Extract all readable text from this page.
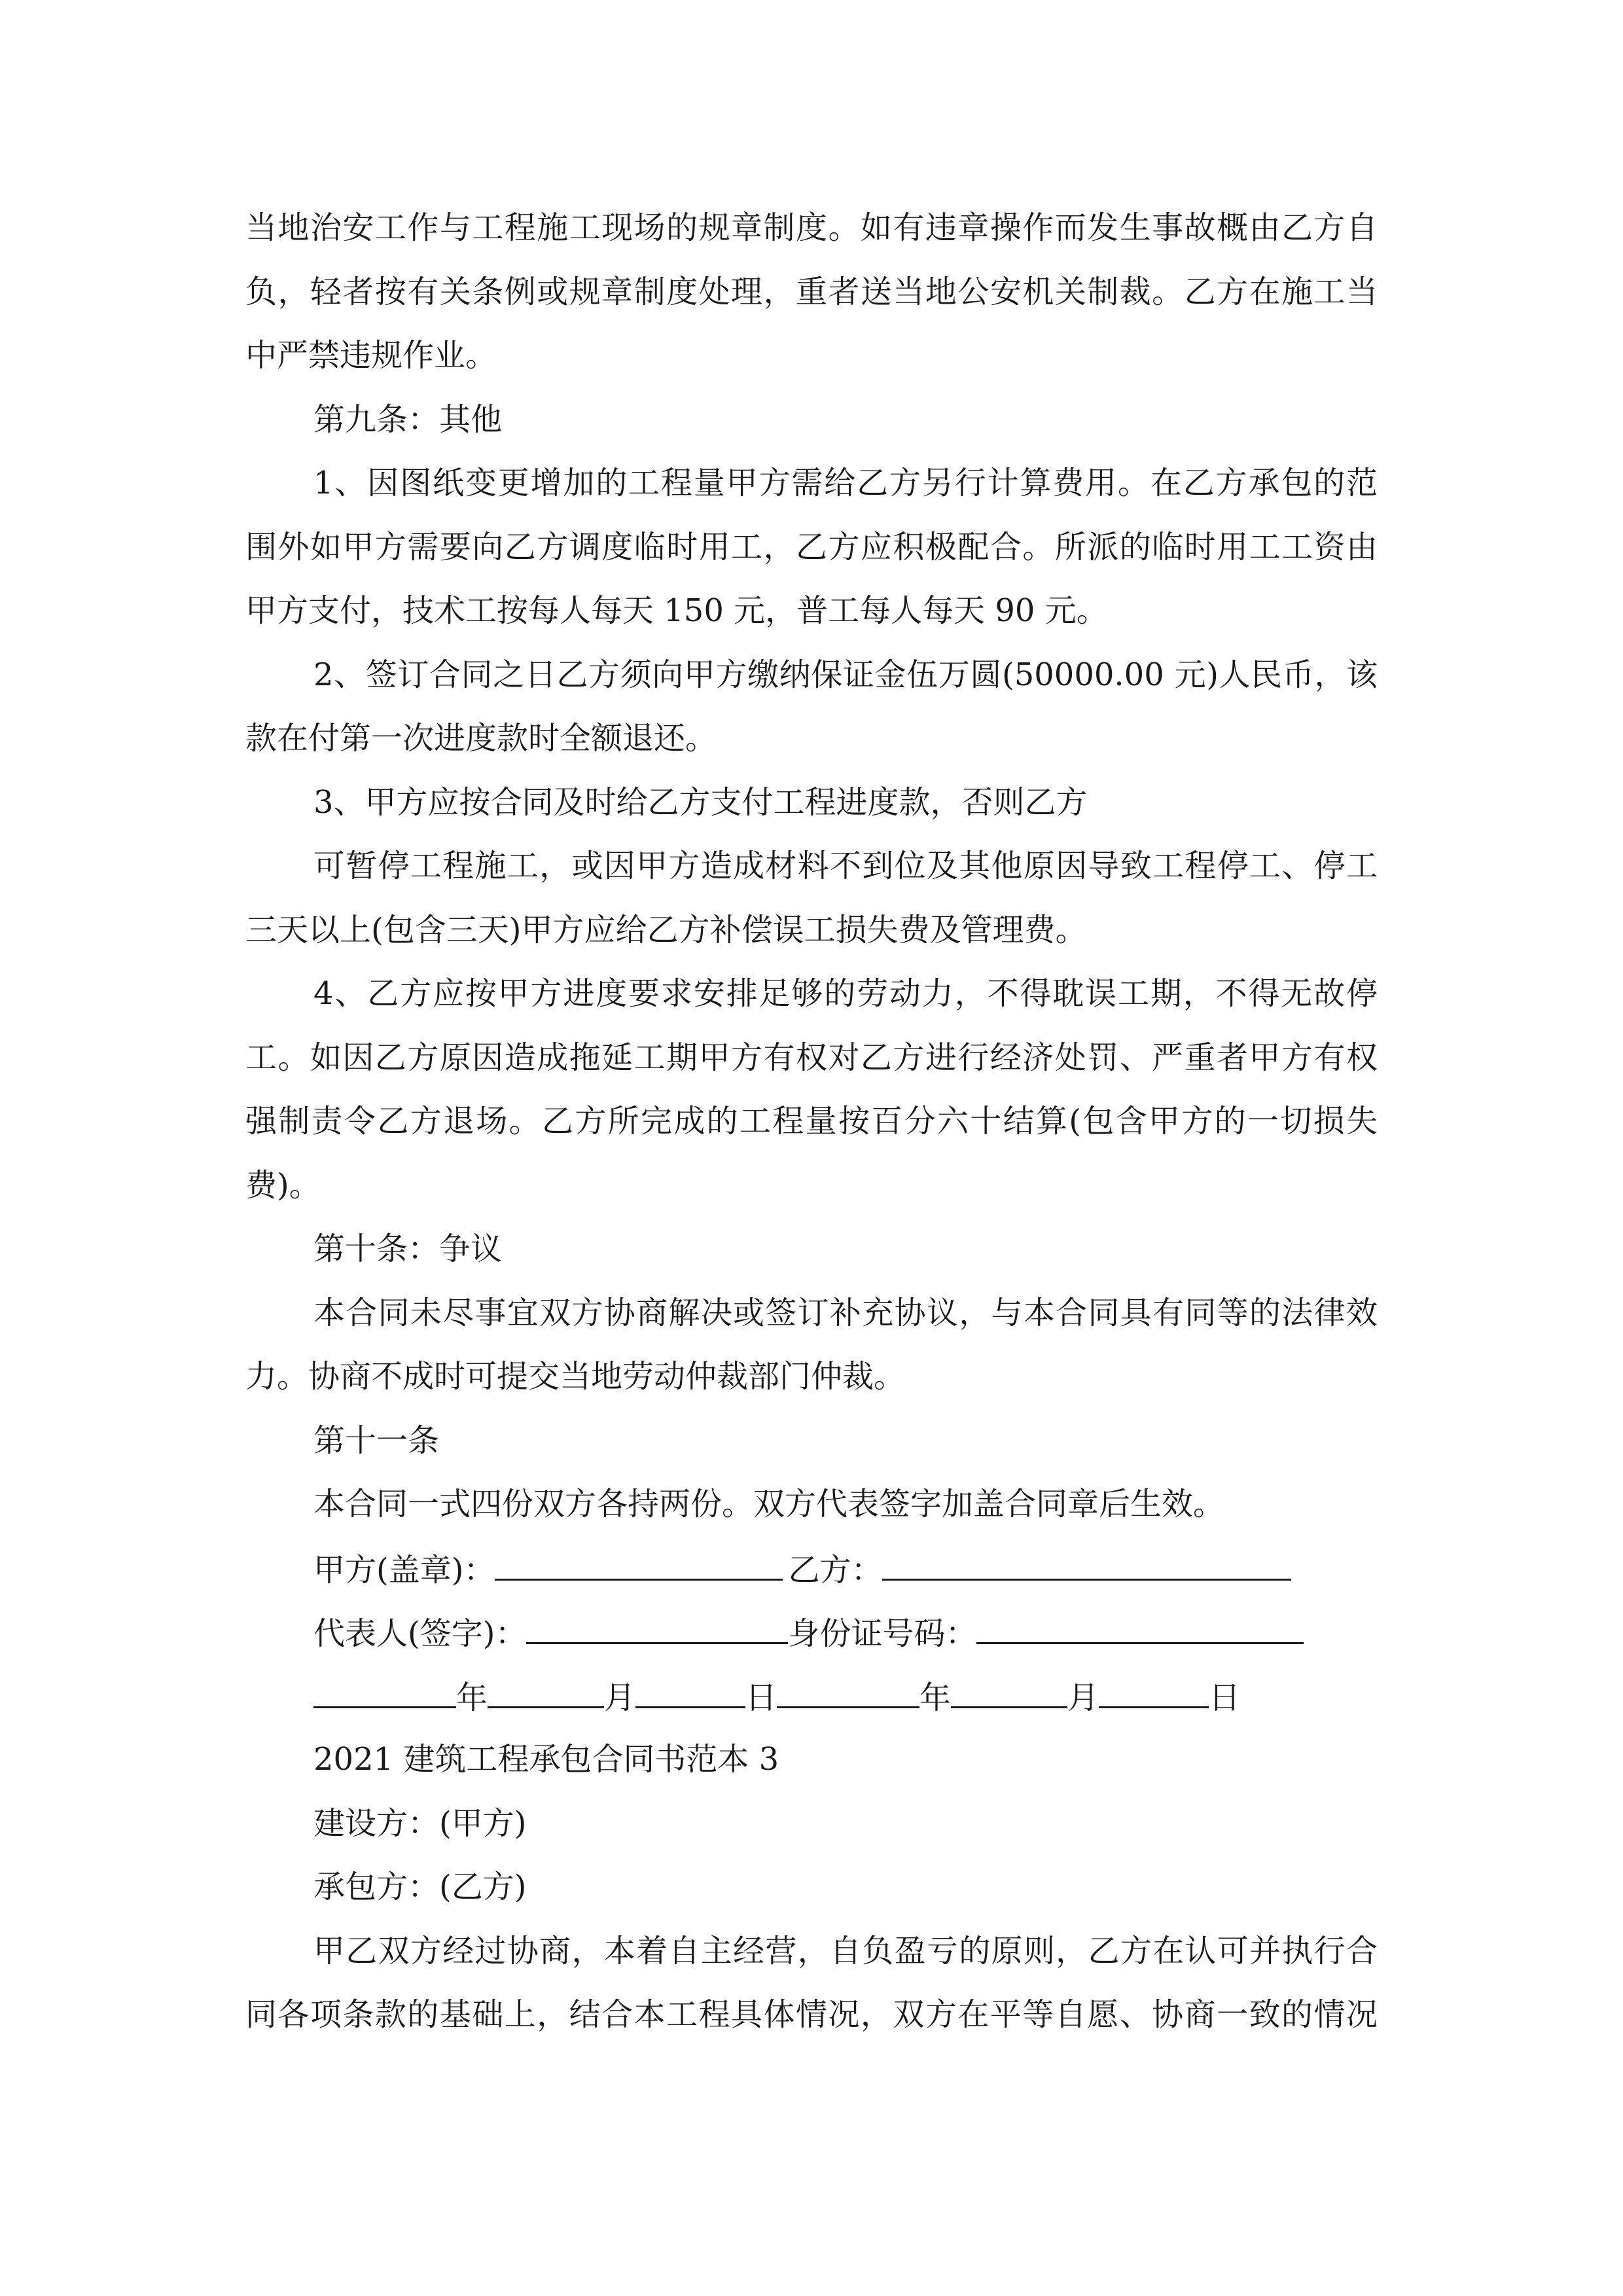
当地治安工作与工程施工现场的规章制度。如有违章操作而发生事故概由乙方自

负，轻者按有关条例或规章制度处理，重者送当地公安机关制裁。乙方在施工当

中严禁违规作业。

第九条：其他

1、因图纸变更增加的工程量甲方需给乙方另行计算费用。在乙方承包的范

围外如甲方需要向乙方调度临时用工，乙方应积极配合。所派的临时用工工资由

甲方支付，技术工按每人每天 150 元，普工每人每天 90 元。

2、签订合同之日乙方须向甲方缴纳保证金伍万圆(50000.00 元)人民币，该

款在付第一次进度款时全额退还。

3、甲方应按合同及时给乙方支付工程进度款，否则乙方

可暂停工程施工，或因甲方造成材料不到位及其他原因导致工程停工、停工

三天以上(包含三天)甲方应给乙方补偿误工损失费及管理费。

4、乙方应按甲方进度要求安排足够的劳动力，不得耽误工期，不得无故停

工。如因乙方原因造成拖延工期甲方有权对乙方进行经济处罚、严重者甲方有权

强制责令乙方退场。乙方所完成的工程量按百分六十结算(包含甲方的一切损失

费)。

第十条：争议

本合同未尽事宜双方协商解决或签订补充协议，与本合同具有同等的法律效

力。协商不成时可提交当地劳动仲裁部门仲裁。

第十一条

本合同一式四份双方各持两份。双方代表签字加盖合同章后生效。

甲方(盖章)：	乙方：
代表人(签字)：	身份证号码：
年	月	日	年	月	日

2021 建筑工程承包合同书范本 3

建设方：(甲方)

承包方：(乙方)

甲乙双方经过协商，本着自主经营，自负盈亏的原则，乙方在认可并执行合

同各项条款的基础上，结合本工程具体情况，双方在平等自愿、协商一致的情况
